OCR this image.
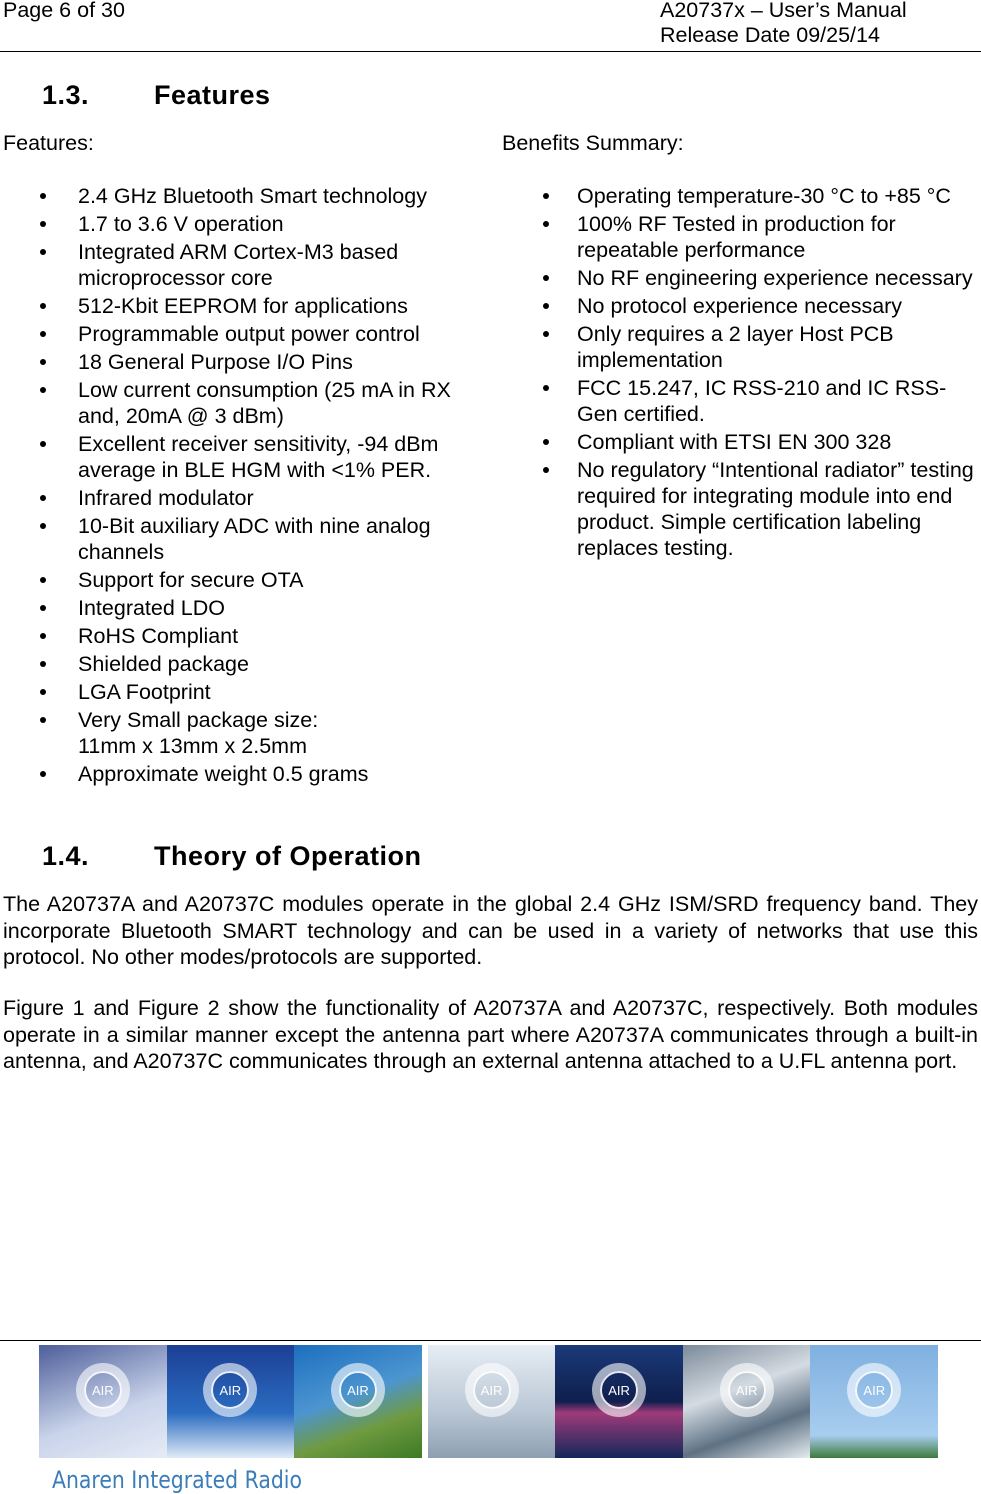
Page 6 of 30	A20737x – User’s Manual
Release Date 09/25/14
1.3. Features
Features:	Benefits Summary:
2.4 GHz Bluetooth Smart technology
1.7 to 3.6 V operation
Integrated ARM Cortex-M3 based microprocessor core
512-Kbit EEPROM for applications
Programmable output power control
18 General Purpose I/O Pins
Low current consumption (25 mA in RX and, 20mA @ 3 dBm)
Excellent receiver sensitivity, -94 dBm average in BLE HGM with <1% PER.
Infrared modulator
10-Bit auxiliary ADC with nine analog channels
Support for secure OTA
Integrated LDO
RoHS Compliant
Shielded package
LGA Footprint
Very Small package size:
11mm x 13mm x 2.5mm
Approximate weight 0.5 grams
Operating temperature-30 °C to +85 °C
100% RF Tested in production for repeatable performance
No RF engineering experience necessary
No protocol experience necessary
Only requires a 2 layer Host PCB implementation
FCC 15.247, IC RSS-210 and IC RSS-Gen certified.
Compliant with ETSI EN 300 328
No regulatory “Intentional radiator” testing required for integrating module into end product. Simple certification labeling replaces testing.
1.4. Theory of Operation
The A20737A and A20737C modules operate in the global 2.4 GHz ISM/SRD frequency band. They incorporate Bluetooth SMART technology and can be used in a variety of networks that use this protocol. No other modes/protocols are supported.
Figure 1 and Figure 2 show the functionality of A20737A and A20737C, respectively. Both modules operate in a similar manner except the antenna part where A20737A communicates through a built-in antenna, and A20737C communicates through an external antenna attached to a U.FL antenna port.
AIR	AIR	AIR	AIR	AIR	AIR	AIR
Anaren Integrated Radio
